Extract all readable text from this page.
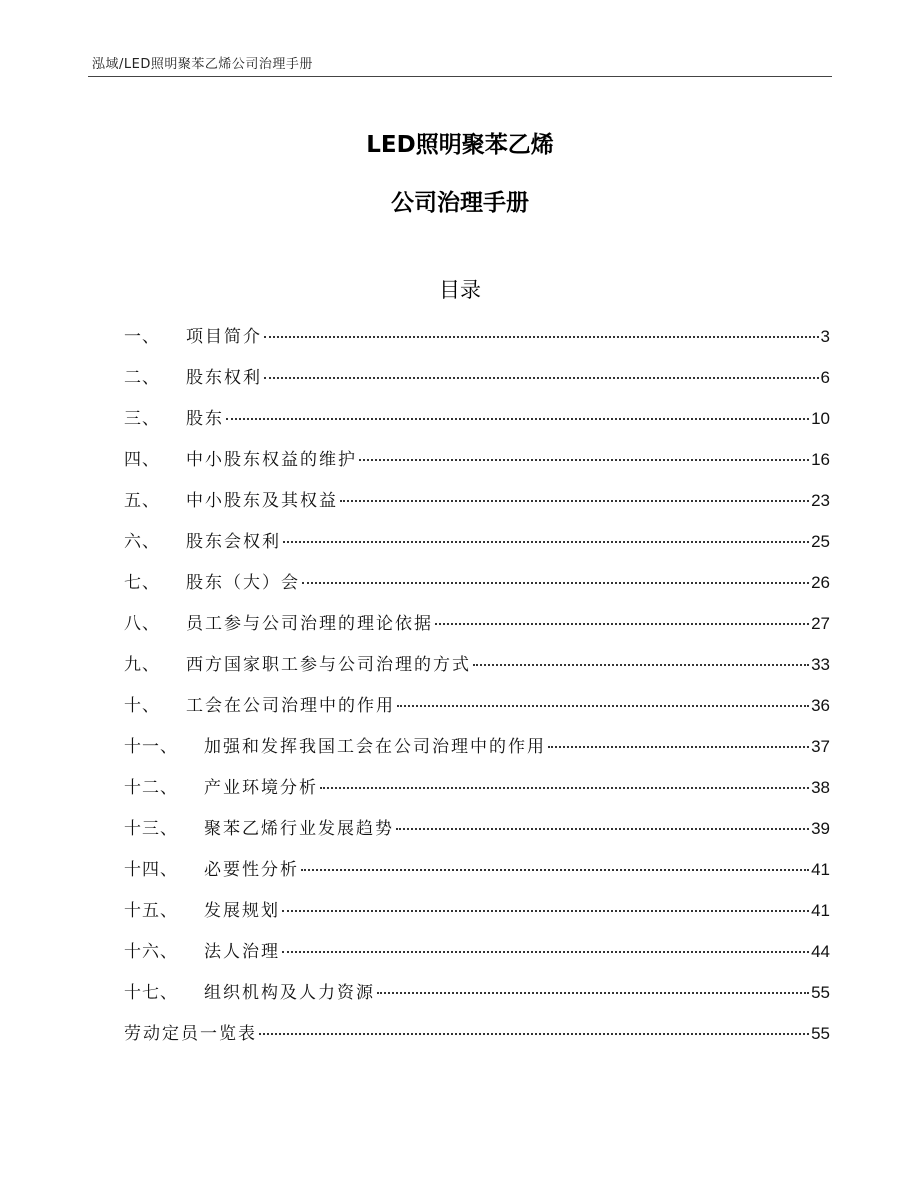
泓域/LED照明聚苯乙烯公司治理手册
LED照明聚苯乙烯
公司治理手册
目录
一、 项目简介	3
二、 股东权利	6
三、 股东	10
四、 中小股东权益的维护	16
五、 中小股东及其权益	23
六、 股东会权利	25
七、 股东（大）会	26
八、 员工参与公司治理的理论依据	27
九、 西方国家职工参与公司治理的方式	33
十、 工会在公司治理中的作用	36
十一、 加强和发挥我国工会在公司治理中的作用	37
十二、 产业环境分析	38
十三、 聚苯乙烯行业发展趋势	39
十四、 必要性分析	41
十五、 发展规划	41
十六、 法人治理	44
十七、 组织机构及人力资源	55
劳动定员一览表	55
